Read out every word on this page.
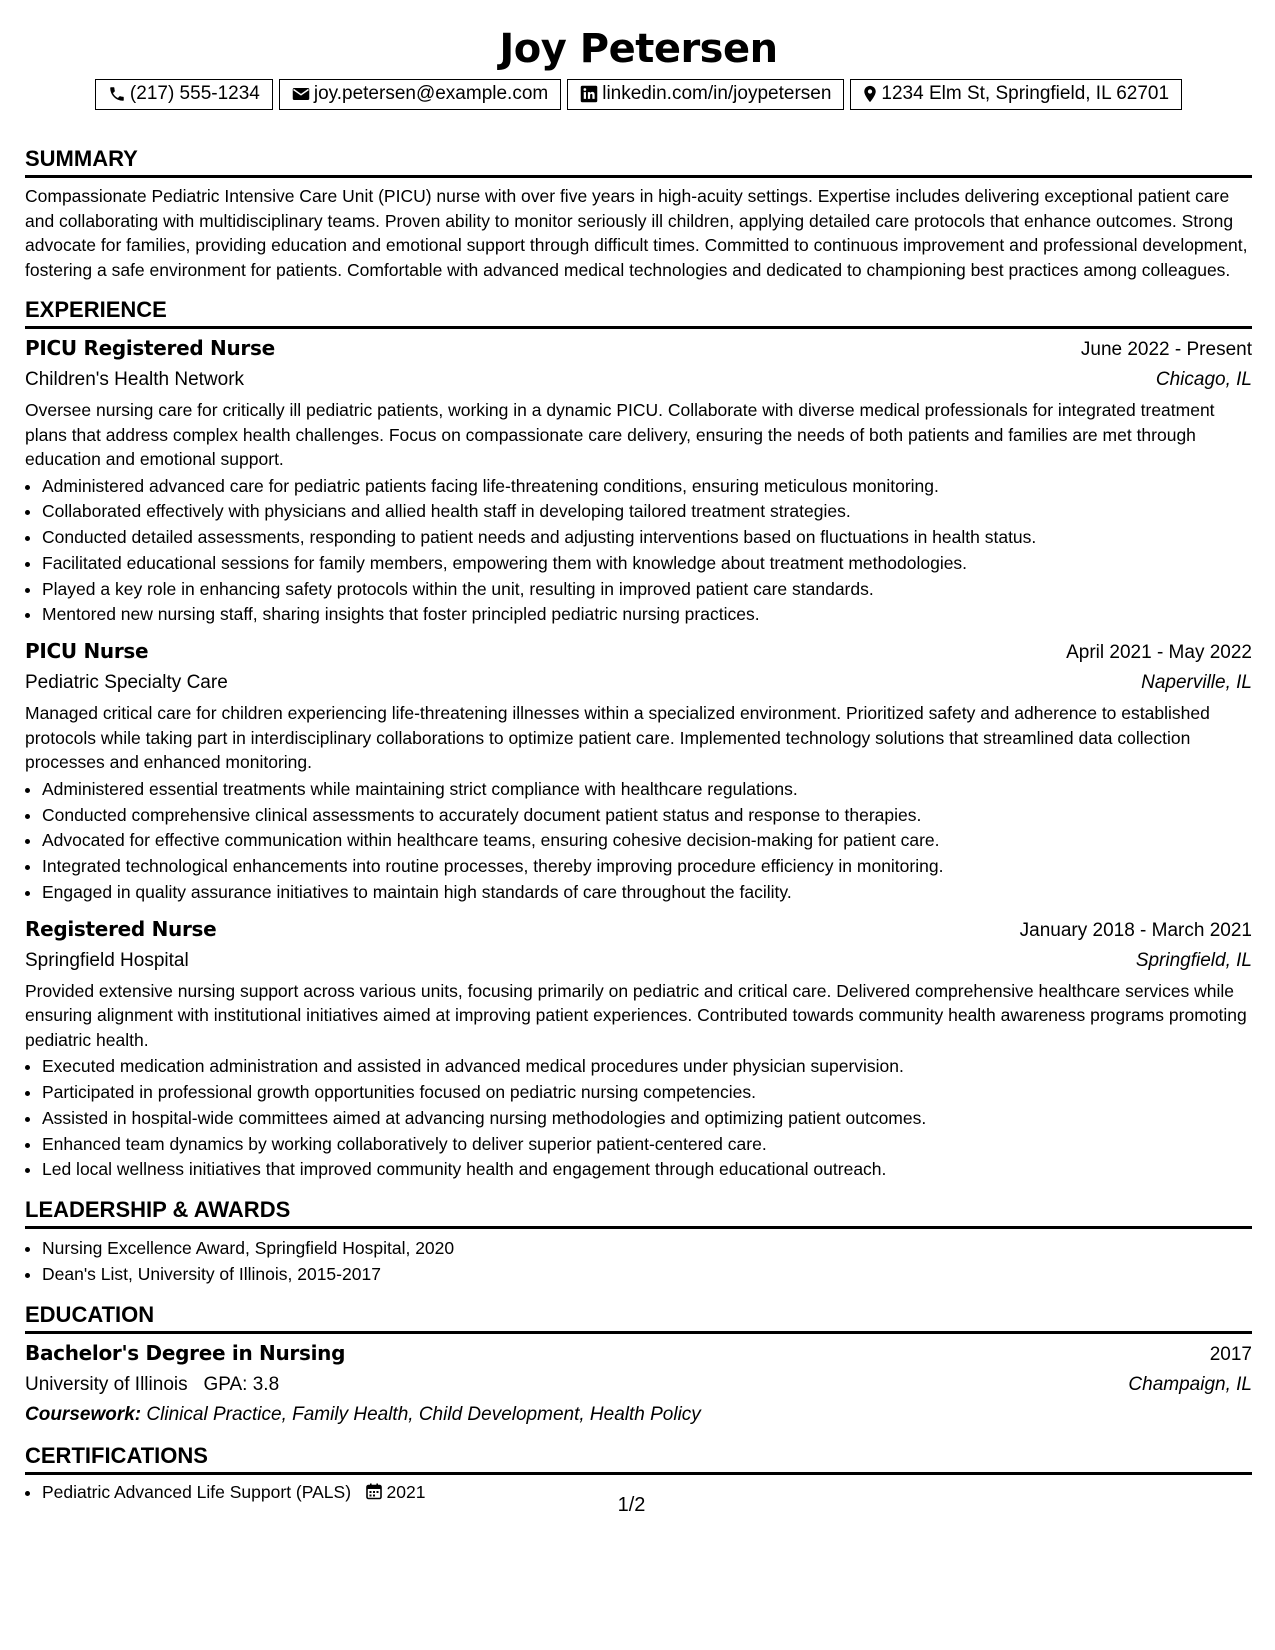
Joy Petersen
(217) 555-1234	joy.petersen@example.com	linkedin.com/in/joypetersen	1234 Elm St, Springfield, IL 62701
SUMMARY

Compassionate Pediatric Intensive Care Unit (PICU) nurse with over five years in high-acuity settings. Expertise includes delivering exceptional patient care and collaborating with multidisciplinary teams. Proven ability to monitor seriously ill children, applying detailed care protocols that enhance outcomes. Strong advocate for families, providing education and emotional support through difficult times. Committed to continuous improvement and professional development, fostering a safe environment for patients. Comfortable with advanced medical technologies and dedicated to championing best practices among colleagues.

EXPERIENCE
PICU Registered Nurse	June 2022 - Present
Children's Health Network	Chicago, IL

Oversee nursing care for critically ill pediatric patients, working in a dynamic PICU. Collaborate with diverse medical professionals for integrated treatment plans that address complex health challenges. Focus on compassionate care delivery, ensuring the needs of both patients and families are met through education and emotional support.

• Administered advanced care for pediatric patients facing life-threatening conditions, ensuring meticulous monitoring.
• Collaborated effectively with physicians and allied health staff in developing tailored treatment strategies.
• Conducted detailed assessments, responding to patient needs and adjusting interventions based on fluctuations in health status.
• Facilitated educational sessions for family members, empowering them with knowledge about treatment methodologies.
• Played a key role in enhancing safety protocols within the unit, resulting in improved patient care standards.
• Mentored new nursing staff, sharing insights that foster principled pediatric nursing practices.
PICU Nurse	April 2021 - May 2022
Pediatric Specialty Care	Naperville, IL

Managed critical care for children experiencing life-threatening illnesses within a specialized environment. Prioritized safety and adherence to established protocols while taking part in interdisciplinary collaborations to optimize patient care. Implemented technology solutions that streamlined data collection processes and enhanced monitoring.

• Administered essential treatments while maintaining strict compliance with healthcare regulations.
• Conducted comprehensive clinical assessments to accurately document patient status and response to therapies.
• Advocated for effective communication within healthcare teams, ensuring cohesive decision-making for patient care.
• Integrated technological enhancements into routine processes, thereby improving procedure efficiency in monitoring.
• Engaged in quality assurance initiatives to maintain high standards of care throughout the facility.
Registered Nurse	January 2018 - March 2021
Springfield Hospital	Springfield, IL

Provided extensive nursing support across various units, focusing primarily on pediatric and critical care. Delivered comprehensive healthcare services while ensuring alignment with institutional initiatives aimed at improving patient experiences. Contributed towards community health awareness programs promoting pediatric health.

• Executed medication administration and assisted in advanced medical procedures under physician supervision.
• Participated in professional growth opportunities focused on pediatric nursing competencies.
• Assisted in hospital-wide committees aimed at advancing nursing methodologies and optimizing patient outcomes.
• Enhanced team dynamics by working collaboratively to deliver superior patient-centered care.
• Led local wellness initiatives that improved community health and engagement through educational outreach.
LEADERSHIP & AWARDS
• Nursing Excellence Award, Springfield Hospital, 2020
• Dean's List, University of Illinois, 2015-2017
EDUCATION
Bachelor's Degree in Nursing	2017
University of Illinois GPA: 3.8	Champaign, IL
Coursework: Clinical Practice, Family Health, Child Development, Health Policy
CERTIFICATIONS
• Pediatric Advanced Life Support (PALS) 2021
1/2
